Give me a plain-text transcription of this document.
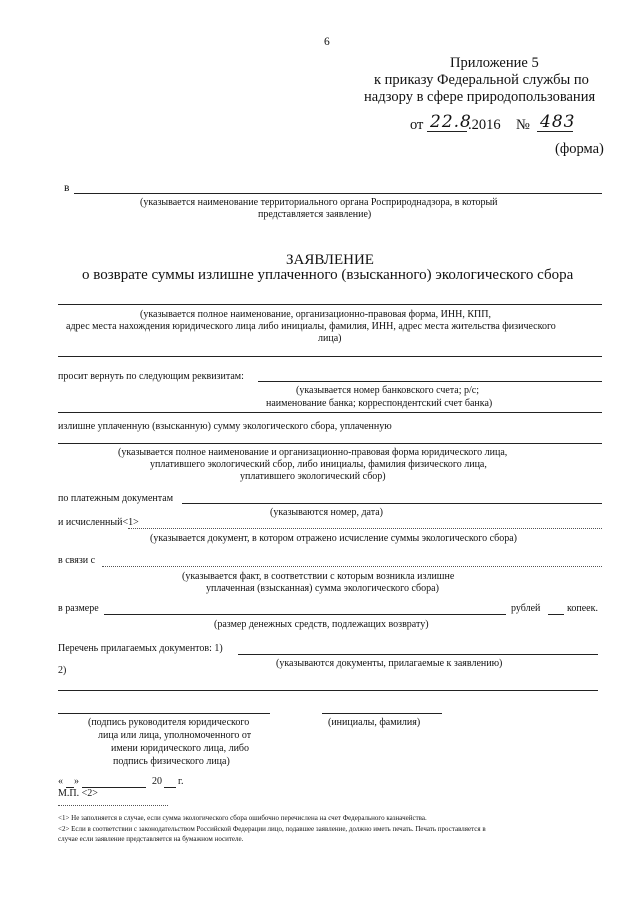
6
Приложение 5
к приказу Федеральной службы по
надзору в сфере природопользования
от 22.8
.2016 № 483
(форма)
в
(указывается наименование территориального органа Росприроднадзора, в который
представляется заявление)
ЗАЯВЛЕНИЕ
о возврате суммы излишне уплаченного (взысканного) экологического сбора
(указывается полное наименование, организационно-правовая форма, ИНН, КПП,
адрес места нахождения юридического лица либо инициалы, фамилия, ИНН, адрес места жительства физического
лица)
просит вернуть по следующим реквизитам:
(указывается номер банковского счета; р/с;
наименование банка; корреспондентский счет банка)
излишне уплаченную (взысканную) сумму экологического сбора, уплаченную
(указывается полное наименование и организационно-правовая форма юридического лица,
уплатившего экологический сбор, либо инициалы, фамилия физического лица,
уплатившего экологический сбор)
по платежным документам
(указываются номер, дата)
и исчисленный<1>
(указывается документ, в котором отражено исчисление суммы экологического сбора)
в связи с
(указывается факт, в соответствии с которым возникла излишне
уплаченная (взысканная) сумма экологического сбора)
в размере	рублей	копеек.
(размер денежных средств, подлежащих возврату)
Перечень прилагаемых документов: 1)
(указываются документы, прилагаемые к заявлению)
2)
(подпись руководителя юридического
лица или лица, уполномоченного от
имени юридического лица, либо
подпись физического лица)
(инициалы, фамилия)
« »	20 г.
М.П. <2>
<1> Не заполняется в случае, если сумма экологического сбора ошибочно перечислена на счет Федерального казначейства.
<2> Если в соответствии с законодательством Российской Федерации лицо, подавшее заявление, должно иметь печать. Печать проставляется в
случае если заявление представляется на бумажном носителе.
